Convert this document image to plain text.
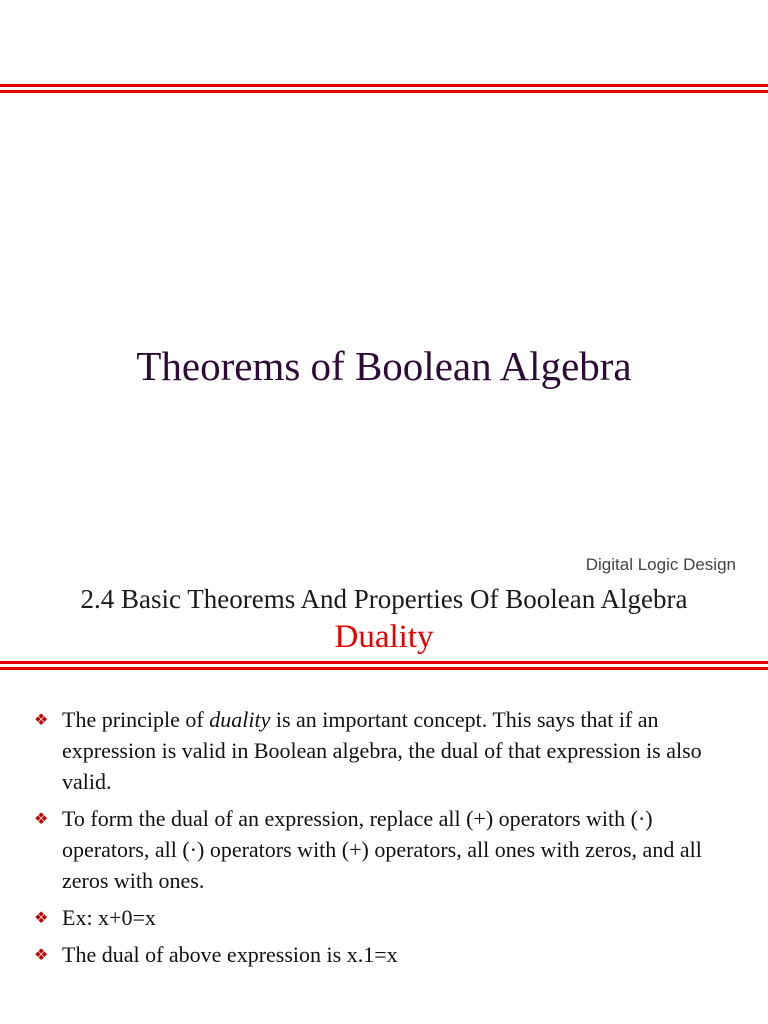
Theorems of Boolean Algebra
Digital Logic Design
2.4 Basic Theorems And Properties Of Boolean Algebra
Duality
❖ The principle of duality is an important concept. This says that if an expression is valid in Boolean algebra, the dual of that expression is also valid.
❖ To form the dual of an expression, replace all (+) operators with (·) operators, all (·) operators with (+) operators, all ones with zeros, and all zeros with ones.
❖ Ex: x+0=x
❖ The dual of above expression is x.1=x
